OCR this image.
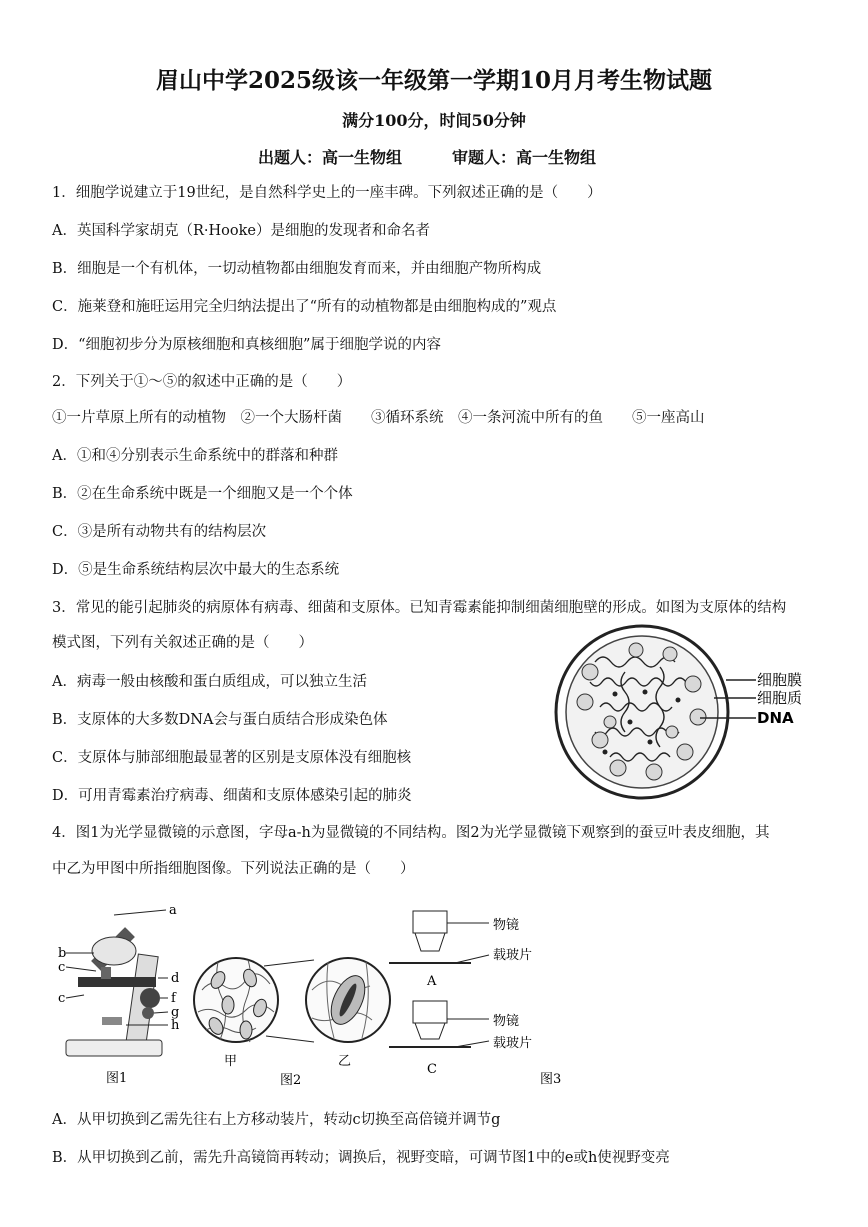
眉山中学2025级该一年级第一学期10月月考生物试题
满分100分，时间50分钟
出题人：高一生物组	审题人：高一生物组
1．细胞学说建立于19世纪，是自然科学史上的一座丰碑。下列叙述正确的是（　　）
A．英国科学家胡克（R·Hooke）是细胞的发现者和命名者
B．细胞是一个有机体，一切动植物都由细胞发育而来，并由细胞产物所构成
C．施莱登和施旺运用完全归纳法提出了“所有的动植物都是由细胞构成的”观点
D．“细胞初步分为原核细胞和真核细胞”属于细胞学说的内容
2．下列关于①～⑤的叙述中正确的是（　　）
①一片草原上所有的动植物　②一个大肠杆菌　　③循环系统　④一条河流中所有的鱼　　⑤一座高山
A．①和④分别表示生命系统中的群落和种群
B．②在生命系统中既是一个细胞又是一个个体
C．③是所有动物共有的结构层次
D．⑤是生命系统结构层次中最大的生态系统
3．常见的能引起肺炎的病原体有病毒、细菌和支原体。已知青霉素能抑制细菌细胞壁的形成。如图为支原体的结构
模式图，下列有关叙述正确的是（　　）
A．病毒一般由核酸和蛋白质组成，可以独立生活
B．支原体的大多数DNA会与蛋白质结合形成染色体
C．支原体与肺部细胞最显著的区别是支原体没有细胞核
D．可用青霉素治疗病毒、细菌和支原体感染引起的肺炎
细胞膜
细胞质
DNA
4．图1为光学显微镜的示意图，字母a-h为显微镜的不同结构。图2为光学显微镜下观察到的蚕豆叶表皮细胞，其
中乙为甲图中所指细胞图像。下列说法正确的是（　　）
a
b
c
d
c	f
g
h
图1
甲	乙
图2
物镜
载玻片
A
物镜
载玻片
C
图3
A．从甲切换到乙需先往右上方移动装片，转动c切换至高倍镜并调节g
B．从甲切换到乙前，需先升高镜筒再转动；调换后，视野变暗，可调节图1中的e或h使视野变亮
